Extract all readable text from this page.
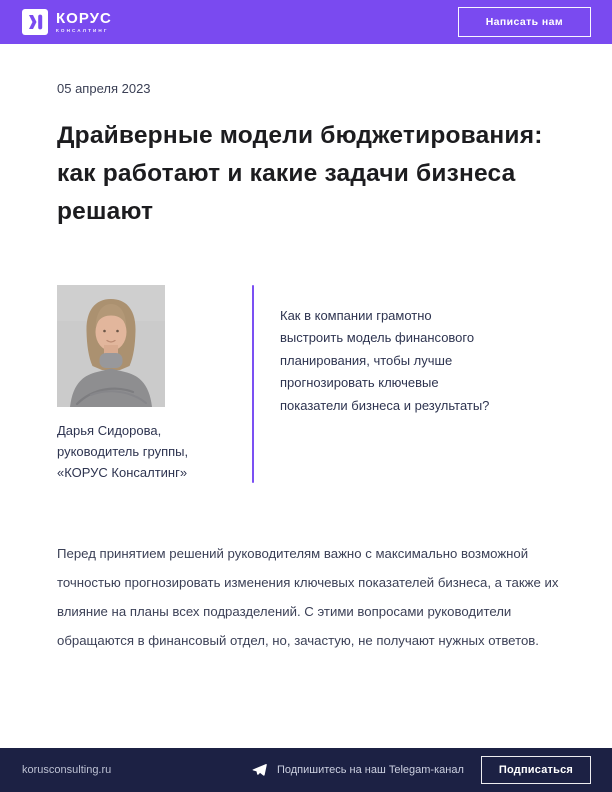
КОРУС
КОНСАЛТИНГ
Написать нам
05 апреля 2023
Драйверные модели бюджетирования:
как работают и какие задачи бизнеса
решают
Дарья Сидорова,
руководитель группы,
«КОРУС Консалтинг»
Как в компании грамотно
выстроить модель финансового
планирования, чтобы лучше
прогнозировать ключевые
показатели бизнеса и результаты?

Перед принятием решений руководителям важно с максимально возможной точностью прогнозировать изменения ключевых показателей бизнеса, а также их влияние на планы всех подразделений. С этими вопросами руководители обращаются в финансовый отдел, но, зачастую, не получают нужных ответов.

korusconsulting.ru	Подпишитесь на наш Telegam-канал	Подписаться
